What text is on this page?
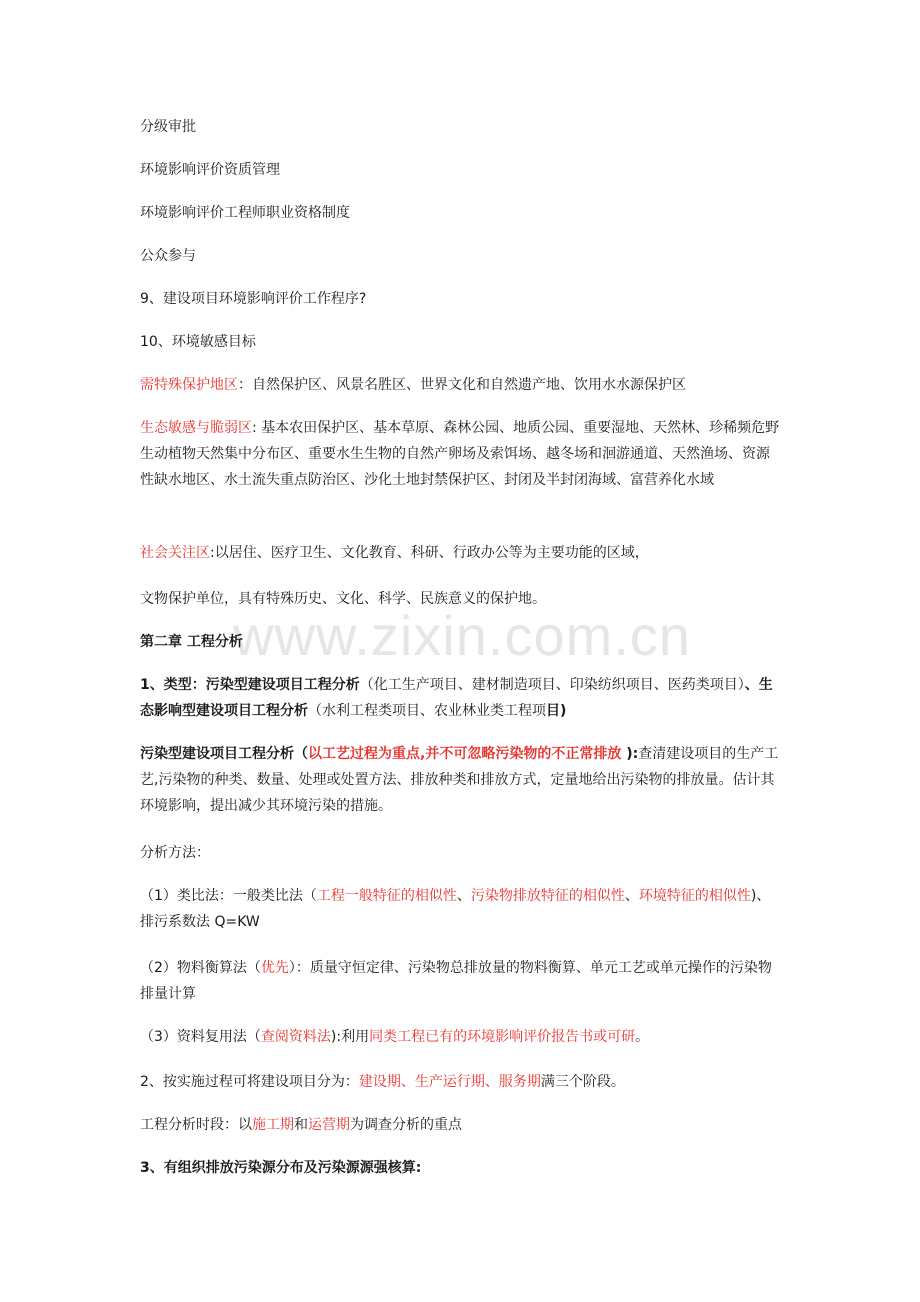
www.zixin.com.cn

分级审批

环境影响评价资质管理

环境影响评价工程师职业资格制度

公众参与

9、建设项目环境影响评价工作程序?

10、环境敏感目标

需特殊保护地区：自然保护区、风景名胜区、世界文化和自然遗产地、饮用水水源保护区

生态敏感与脆弱区: 基本农田保护区、基本草原、森林公园、地质公园、重要湿地、天然林、珍稀频危野生动植物天然集中分布区、重要水生生物的自然产卵场及索饵场、越冬场和洄游通道、天然渔场、资源性缺水地区、水土流失重点防治区、沙化土地封禁保护区、封闭及半封闭海域、富营养化水域

社会关注区:以居住、医疗卫生、文化教育、科研、行政办公等为主要功能的区域，

文物保护单位，具有特殊历史、文化、科学、民族意义的保护地。

第二章 工程分析

1、类型：污染型建设项目工程分析（化工生产项目、建材制造项目、印染纺织项目、医药类项目）、生态影响型建设项目工程分析（水利工程类项目、农业林业类工程项目)

污染型建设项目工程分析（以工艺过程为重点,并不可忽略污染物的不正常排放 ):查清建设项目的生产工艺,污染物的种类、数量、处理或处置方法、排放种类和排放方式，定量地给出污染物的排放量。估计其环境影响，提出减少其环境污染的措施。

分析方法：

（1）类比法：一般类比法（工程一般特征的相似性、污染物排放特征的相似性、环境特征的相似性)、排污系数法 Q=KW

（2）物料衡算法（优先）：质量守恒定律、污染物总排放量的物料衡算、单元工艺或单元操作的污染物排量计算

（3）资料复用法（查阅资料法):利用同类工程已有的环境影响评价报告书或可研。

2、按实施过程可将建设项目分为：建设期、生产运行期、服务期满三个阶段。

工程分析时段：以施工期和运营期为调查分析的重点

3、有组织排放污染源分布及污染源源强核算:
